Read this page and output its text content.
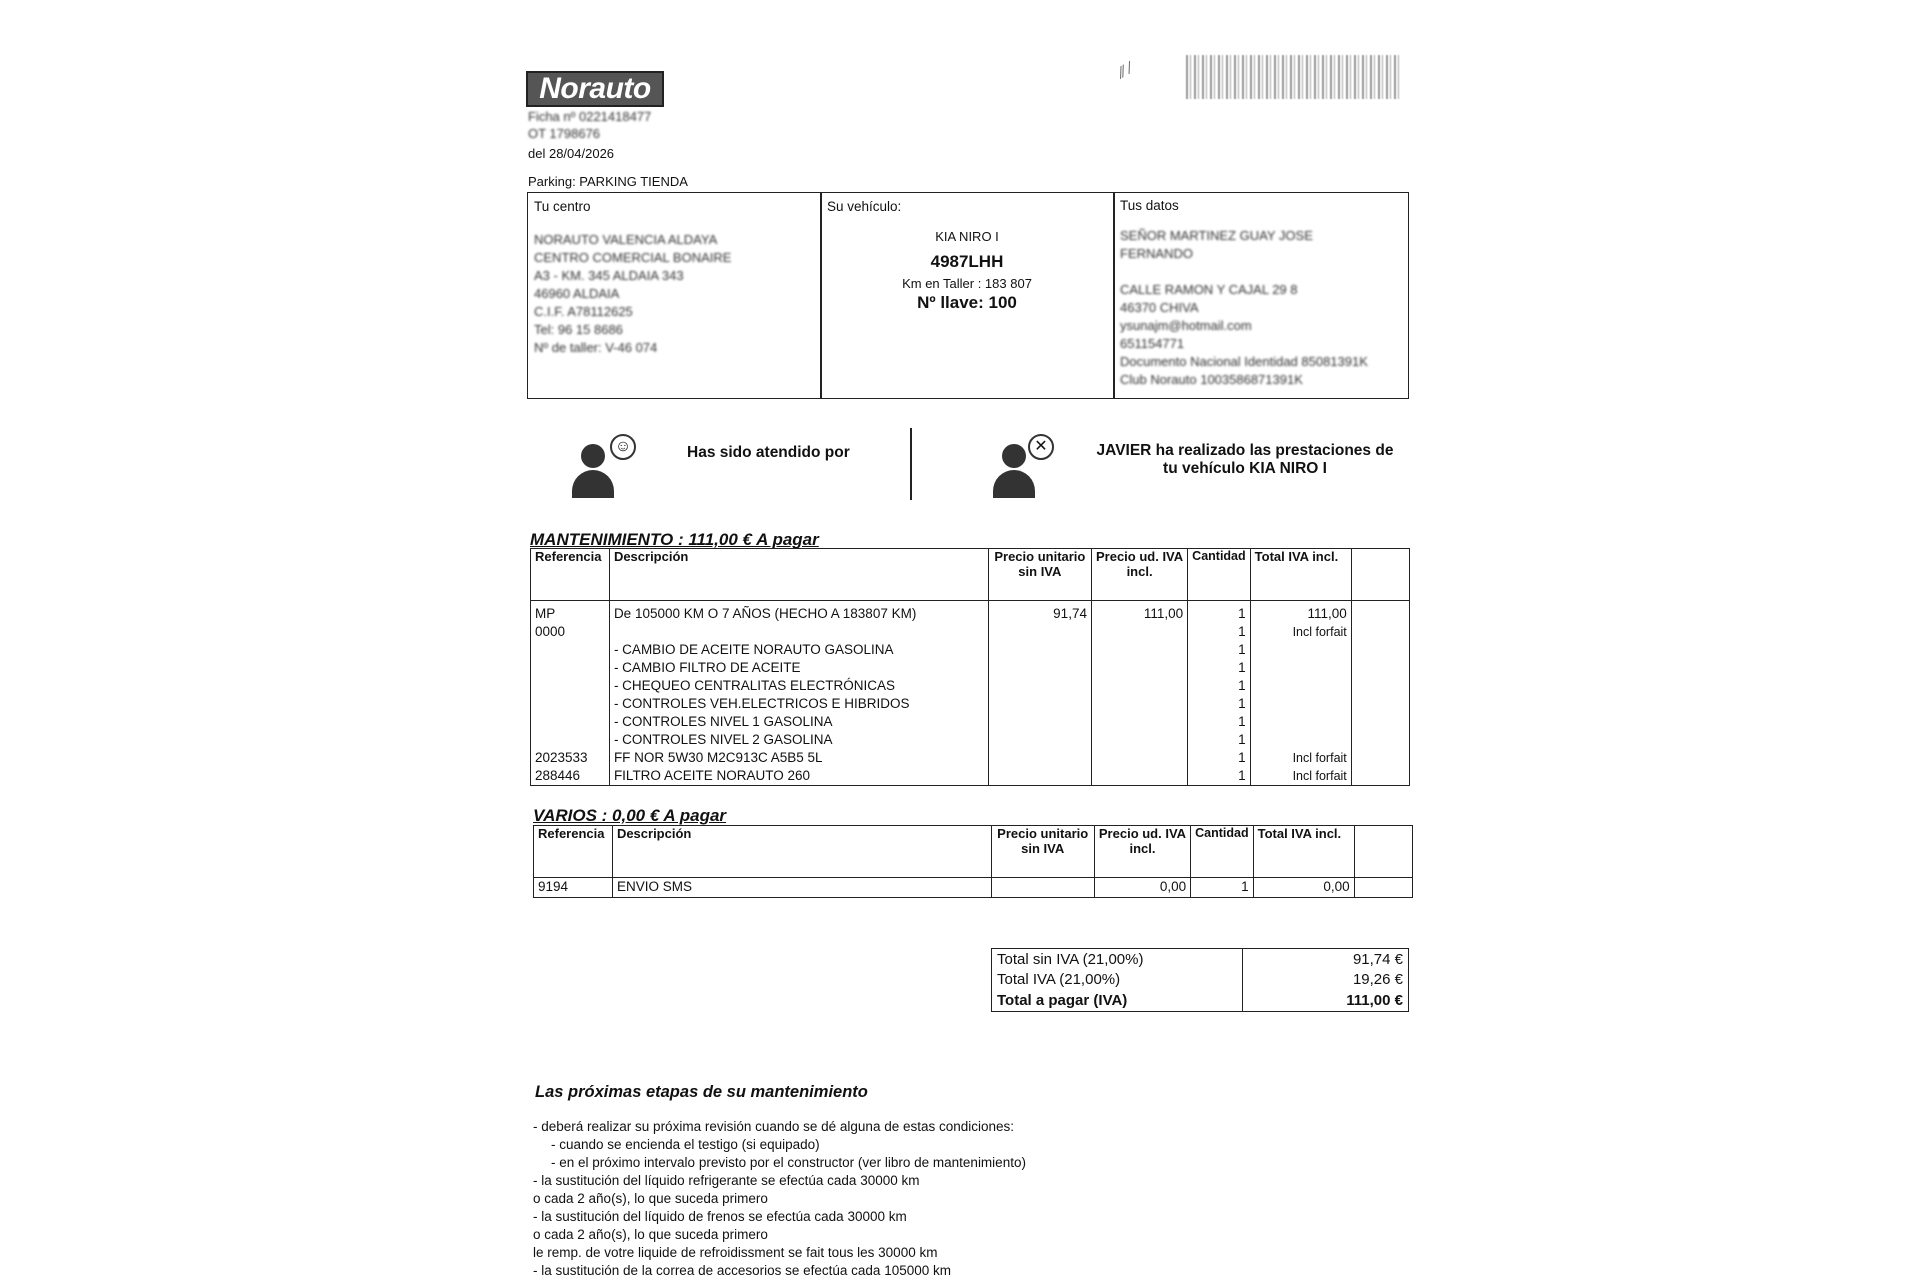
Norauto
Ficha nº 0221418477
OT 1798676
del 28/04/2026
Parking: PARKING TIENDA
⁄⁄ ⁄
Tu centro
NORAUTO VALENCIA ALDAYA
CENTRO COMERCIAL BONAIRE
A3 - KM. 345 ALDAIA 343
46960 ALDAIA
C.I.F. A78112625
Tel: 96 15 8686
Nº de taller: V-46 074
Su vehículo:
KIA NIRO I
4987LHH
Km en Taller : 183 807
Nº llave: 100
Tus datos
SEÑOR MARTINEZ GUAY JOSE
FERNANDO
CALLE RAMON Y CAJAL 29 8
46370 CHIVA
ysunajm@hotmail.com
651154771
Documento Nacional Identidad 85081391K
Club Norauto 1003586871391K
☺	Has sido atendido por	✕	JAVIER ha realizado las prestaciones de
tu vehículo KIA NIRO I
MANTENIMIENTO : 111,00 € A pagar
Referencia	Descripción	Precio unitario sin IVA	Precio ud. IVA incl.	Cantidad	Total IVA incl.	
MP	De 105000 KM O 7 AÑOS (HECHO A 183807 KM)	91,74	111,00	1	111,00	
0000				1	Incl forfait	
	- CAMBIO DE ACEITE NORAUTO GASOLINA			1		
	- CAMBIO FILTRO DE ACEITE			1		
	- CHEQUEO CENTRALITAS ELECTRÓNICAS			1		
	- CONTROLES VEH.ELECTRICOS E HIBRIDOS			1		
	- CONTROLES NIVEL 1 GASOLINA			1		
	- CONTROLES NIVEL 2 GASOLINA			1		
2023533	FF NOR 5W30 M2C913C A5B5 5L			1	Incl forfait	
288446	FILTRO ACEITE NORAUTO 260			1	Incl forfait	
VARIOS : 0,00 € A pagar
Referencia	Descripción	Precio unitario sin IVA	Precio ud. IVA incl.	Cantidad	Total IVA incl.	
9194	ENVIO SMS		0,00	1	0,00	
Total sin IVA (21,00%)	91,74 €
Total IVA (21,00%)	19,26 €
Total a pagar (IVA)	111,00 €
Las próximas etapas de su mantenimiento

- deberá realizar su próxima revisión cuando se dé alguna de estas condiciones:

- cuando se encienda el testigo (si equipado)

- en el próximo intervalo previsto por el constructor (ver libro de mantenimiento)

- la sustitución del líquido refrigerante se efectúa cada 30000 km

o cada 2 año(s), lo que suceda primero

- la sustitución del líquido de frenos se efectúa cada 30000 km

o cada 2 año(s), lo que suceda primero

le remp. de votre liquide de refroidissment se fait tous les 30000 km

- la sustitución de la correa de accesorios se efectúa cada 105000 km
